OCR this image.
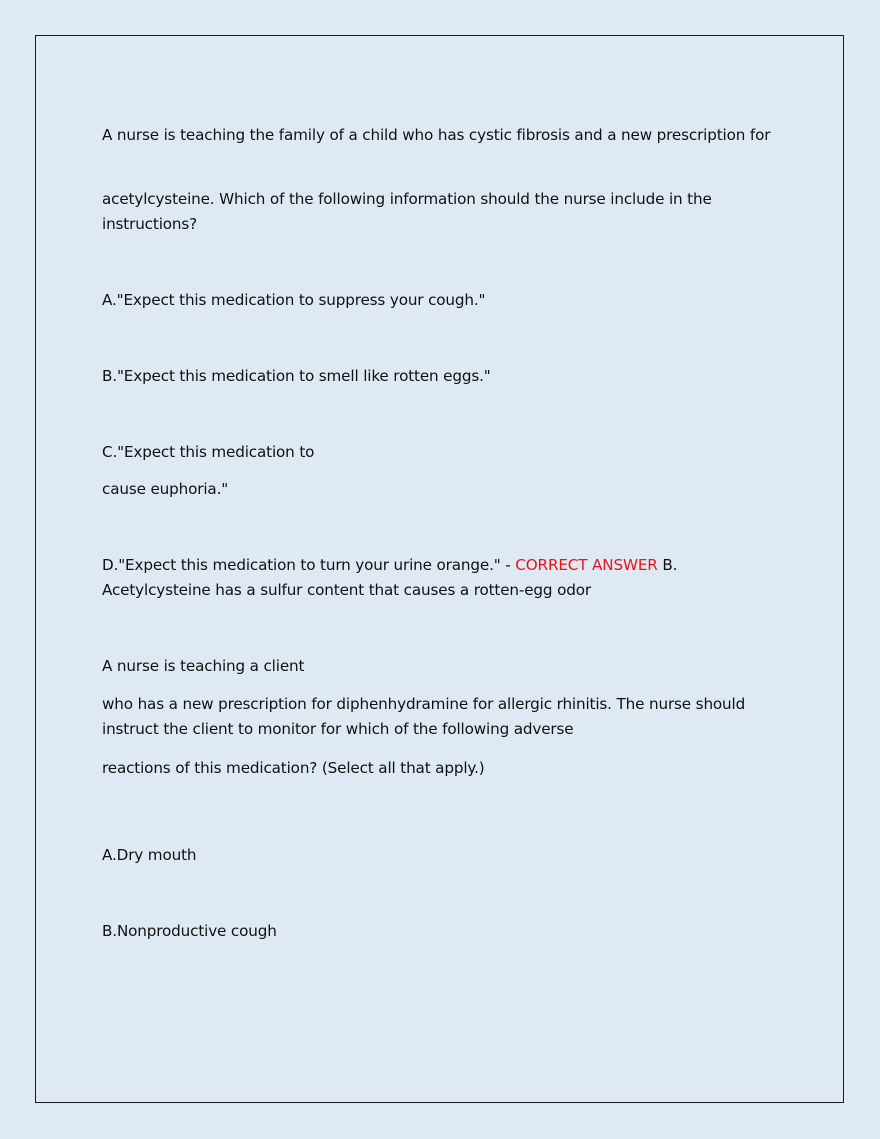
A nurse is teaching the family of a child who has cystic fibrosis and a new prescription for

acetylcysteine. Which of the following information should the nurse include in the instructions?

A."Expect this medication to suppress your cough."

B."Expect this medication to smell like rotten eggs."

C."Expect this medication to

cause euphoria."

D."Expect this medication to turn your urine orange." - CORRECT ANSWER B. Acetylcysteine has a sulfur content that causes a rotten-egg odor

A nurse is teaching a client

who has a new prescription for diphenhydramine for allergic rhinitis. The nurse should instruct the client to monitor for which of the following adverse

reactions of this medication? (Select all that apply.)

A.Dry mouth

B.Nonproductive cough
